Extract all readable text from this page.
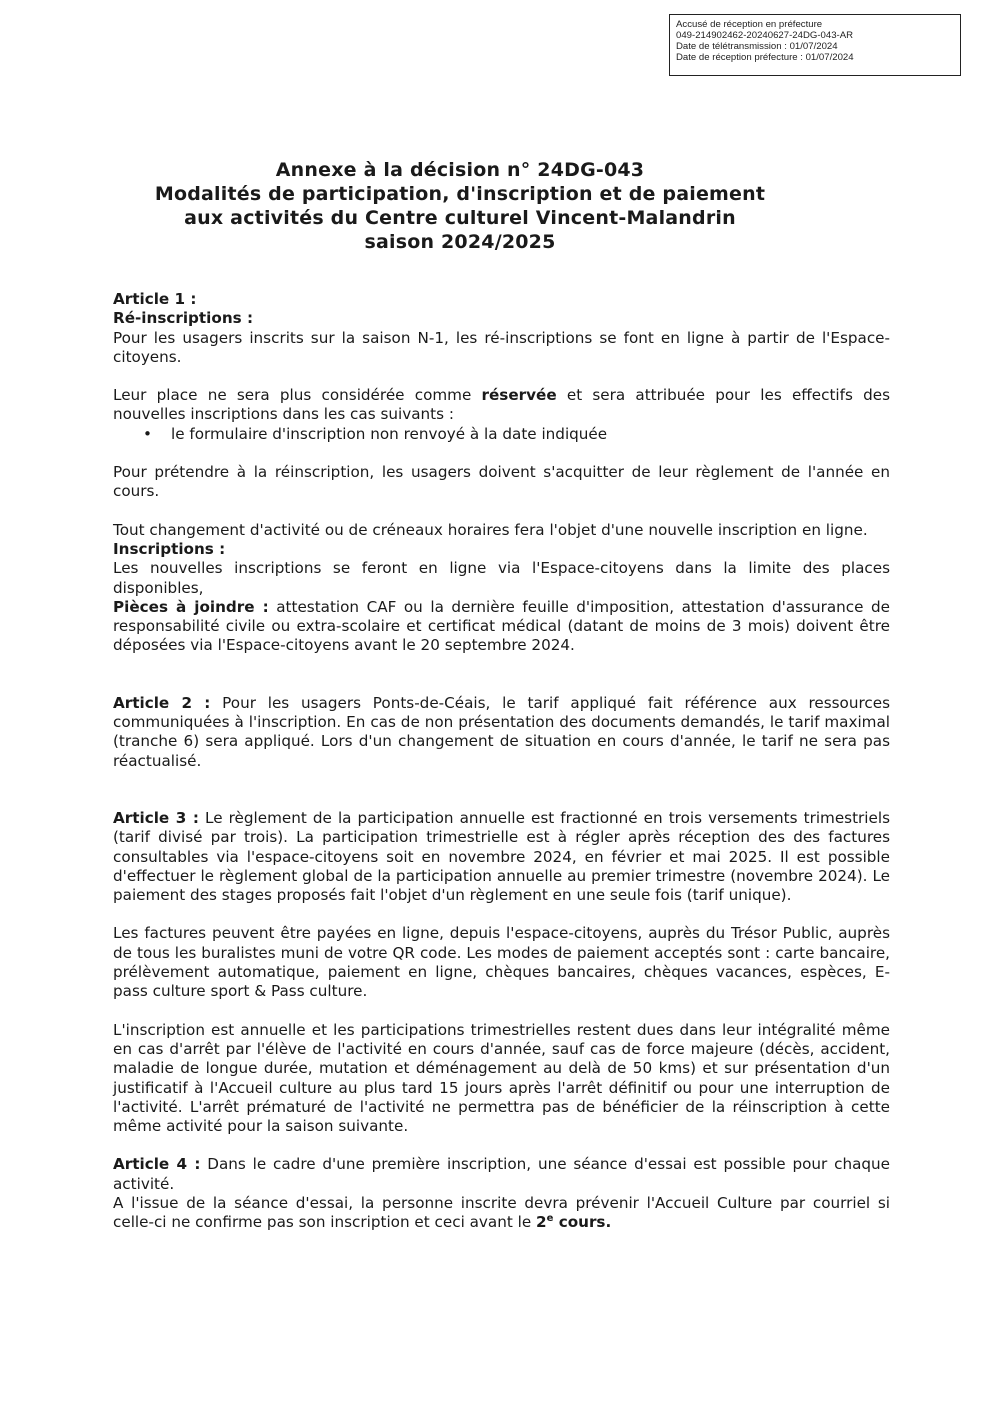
Accusé de réception en préfecture
049-214902462-20240627-24DG-043-AR
Date de télétransmission : 01/07/2024
Date de réception préfecture : 01/07/2024
Annexe à la décision n° 24DG-043
Modalités de participation, d'inscription et de paiement
aux activités du Centre culturel Vincent-Malandrin
saison 2024/2025

Article 1 :

Ré-inscriptions :

Pour les usagers inscrits sur la saison N-1, les ré-inscriptions se font en ligne à partir de l'Espace-citoyens.

Leur place ne sera plus considérée comme réservée et sera attribuée pour les effectifs des nouvelles inscriptions dans les cas suivants :

• le formulaire d'inscription non renvoyé à la date indiquée

Pour prétendre à la réinscription, les usagers doivent s'acquitter de leur règlement de l'année en cours.

Tout changement d'activité ou de créneaux horaires fera l'objet d'une nouvelle inscription en ligne.

Inscriptions :

Les nouvelles inscriptions se feront en ligne via l'Espace-citoyens dans la limite des places disponibles,

Pièces à joindre : attestation CAF ou la dernière feuille d'imposition, attestation d'assurance de responsabilité civile ou extra-scolaire et certificat médical (datant de moins de 3 mois) doivent être déposées via l'Espace-citoyens avant le 20 septembre 2024.

Article 2 : Pour les usagers Ponts-de-Céais, le tarif appliqué fait référence aux ressources communiquées à l'inscription. En cas de non présentation des documents demandés, le tarif maximal (tranche 6) sera appliqué. Lors d'un changement de situation en cours d'année, le tarif ne sera pas réactualisé.

Article 3 : Le règlement de la participation annuelle est fractionné en trois versements trimestriels (tarif divisé par trois). La participation trimestrielle est à régler après réception des des factures consultables via l'espace-citoyens soit en novembre 2024, en février et mai 2025. Il est possible d'effectuer le règlement global de la participation annuelle au premier trimestre (novembre 2024). Le paiement des stages proposés fait l'objet d'un règlement en une seule fois (tarif unique).

Les factures peuvent être payées en ligne, depuis l'espace-citoyens, auprès du Trésor Public, auprès de tous les buralistes muni de votre QR code. Les modes de paiement acceptés sont : carte bancaire, prélèvement automatique, paiement en ligne, chèques bancaires, chèques vacances, espèces, E-pass culture sport & Pass culture.

L'inscription est annuelle et les participations trimestrielles restent dues dans leur intégralité même en cas d'arrêt par l'élève de l'activité en cours d'année, sauf cas de force majeure (décès, accident, maladie de longue durée, mutation et déménagement au delà de 50 kms) et sur présentation d'un justificatif à l'Accueil culture au plus tard 15 jours après l'arrêt définitif ou pour une interruption de l'activité. L'arrêt prématuré de l'activité ne permettra pas de bénéficier de la réinscription à cette même activité pour la saison suivante.

Article 4 : Dans le cadre d'une première inscription, une séance d'essai est possible pour chaque activité.

A l'issue de la séance d'essai, la personne inscrite devra prévenir l'Accueil Culture par courriel si celle-ci ne confirme pas son inscription et ceci avant le 2e cours.
